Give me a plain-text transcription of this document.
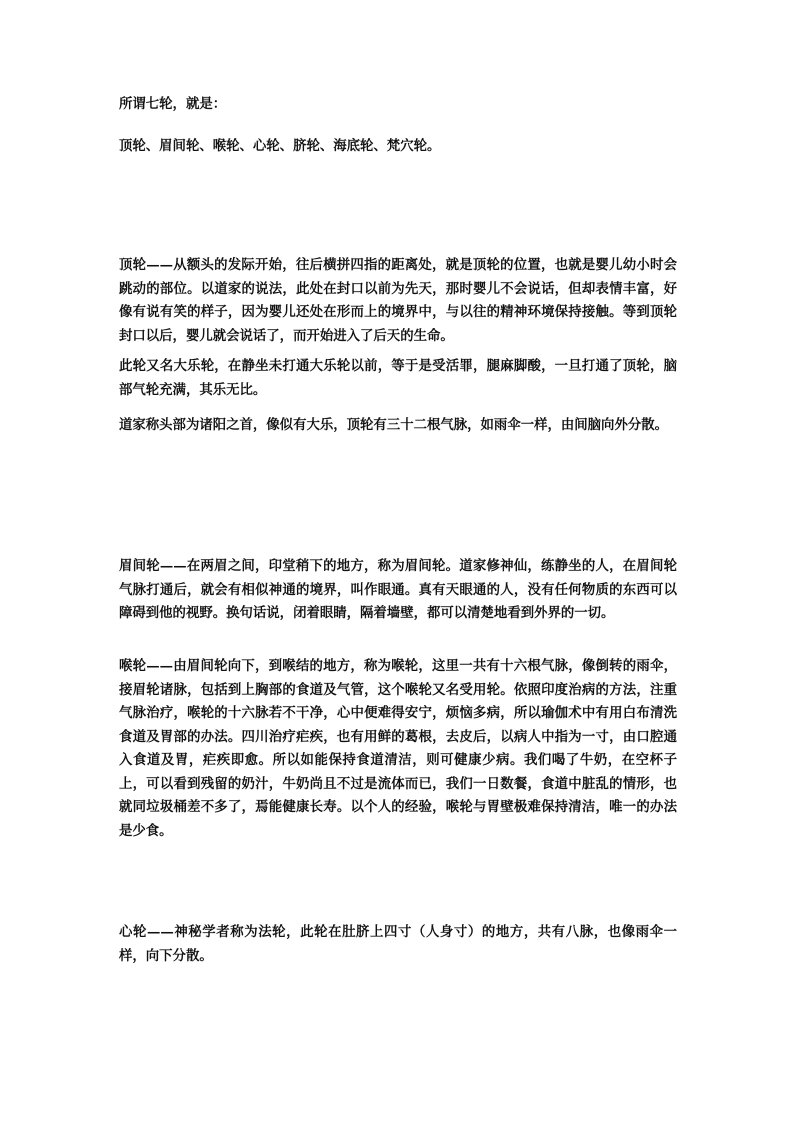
所谓七轮，就是：

顶轮、眉间轮、喉轮、心轮、脐轮、海底轮、梵穴轮。

顶轮——从额头的发际开始，往后横拼四指的距离处，就是顶轮的位置，也就是婴儿幼小时会跳动的部位。以道家的说法，此处在封口以前为先天，那时婴儿不会说话，但却表情丰富，好像有说有笑的样子，因为婴儿还处在形而上的境界中，与以往的精神环境保持接触。等到顶轮封口以后，婴儿就会说话了，而开始进入了后天的生命。

此轮又名大乐轮，在静坐未打通大乐轮以前，等于是受活罪，腿麻脚酸，一旦打通了顶轮，脑部气轮充满，其乐无比。

道家称头部为诸阳之首，像似有大乐，顶轮有三十二根气脉，如雨伞一样，由间脑向外分散。

眉间轮——在两眉之间，印堂稍下的地方，称为眉间轮。道家修神仙，练静坐的人，在眉间轮气脉打通后，就会有相似神通的境界，叫作眼通。真有天眼通的人，没有任何物质的东西可以障碍到他的视野。换句话说，闭着眼睛，隔着墙壁，都可以清楚地看到外界的一切。

喉轮——由眉间轮向下，到喉结的地方，称为喉轮，这里一共有十六根气脉，像倒转的雨伞，接眉轮诸脉，包括到上胸部的食道及气管，这个喉轮又名受用轮。依照印度治病的方法，注重气脉治疗，喉轮的十六脉若不干净，心中便难得安宁，烦恼多病，所以瑜伽术中有用白布清洗食道及胃部的办法。四川治疗疟疾，也有用鲜的葛根，去皮后，以病人中指为一寸，由口腔通入食道及胃，疟疾即愈。所以如能保持食道清洁，则可健康少病。我们喝了牛奶，在空杯子上，可以看到残留的奶汁，牛奶尚且不过是流体而已，我们一日数餐，食道中脏乱的情形，也就同垃圾桶差不多了，焉能健康长寿。以个人的经验，喉轮与胃壁极难保持清洁，唯一的办法是少食。

心轮——神秘学者称为法轮，此轮在肚脐上四寸（人身寸）的地方，共有八脉，也像雨伞一样，向下分散。
